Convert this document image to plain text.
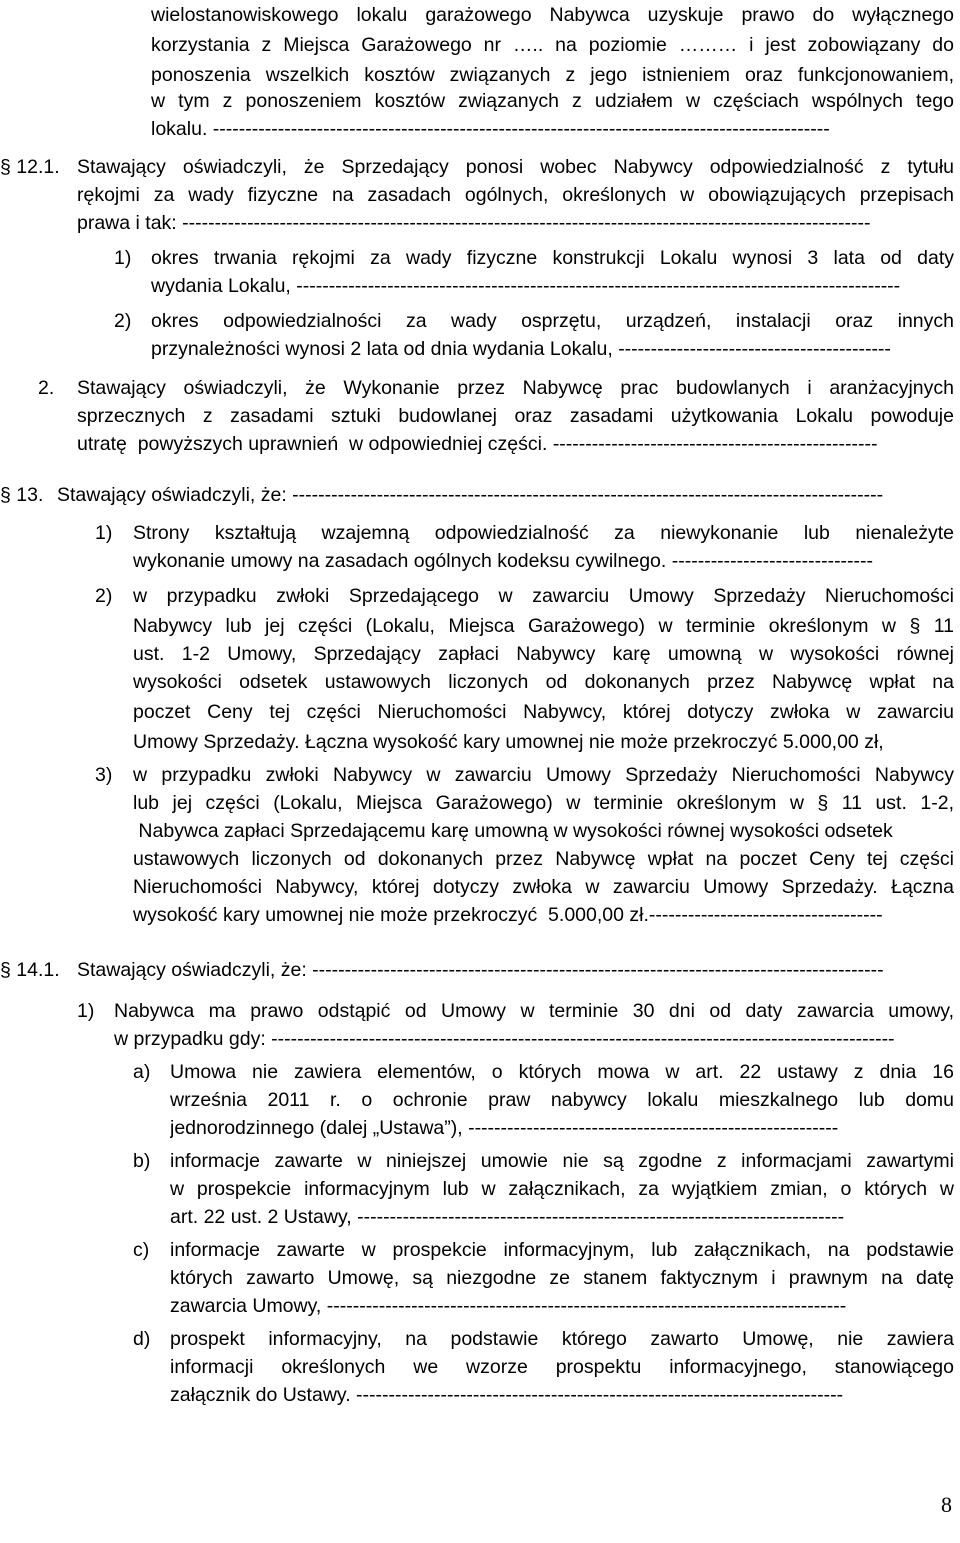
wielostanowiskowego lokalu garażowego Nabywca uzyskuje prawo do wyłącznego
korzystania z Miejsca Garażowego nr ….. na poziomie ……… i jest zobowiązany do
ponoszenia wszelkich kosztów związanych z jego istnieniem oraz funkcjonowaniem,
w tym z ponoszeniem kosztów związanych z udziałem w częściach wspólnych tego
lokalu. -----------------------------------------------------------------------------------------------
§ 12.1. Stawający oświadczyli, że Sprzedający ponosi wobec Nabywcy odpowiedzialność z tytułu
rękojmi za wady fizyczne na zasadach ogólnych, określonych w obowiązujących przepisach
prawa i tak: ----------------------------------------------------------------------------------------------------------
1) okres trwania rękojmi za wady fizyczne konstrukcji Lokalu wynosi 3 lata od daty
wydania Lokalu, ---------------------------------------------------------------------------------------------
2) okres odpowiedzialności za wady osprzętu, urządzeń, instalacji oraz innych
przynależności wynosi 2 lata od dnia wydania Lokalu, ------------------------------------------
2. Stawający oświadczyli, że Wykonanie przez Nabywcę prac budowlanych i aranżacyjnych
sprzecznych z zasadami sztuki budowlanej oraz zasadami użytkowania Lokalu powoduje
utratę  powyższych uprawnień  w odpowiedniej części. --------------------------------------------------
§ 13. Stawający oświadczyli, że: -------------------------------------------------------------------------------------------
1) Strony kształtują wzajemną odpowiedzialność za niewykonanie lub nienależyte
wykonanie umowy na zasadach ogólnych kodeksu cywilnego. -------------------------------
2) w przypadku zwłoki Sprzedającego w zawarciu Umowy Sprzedaży Nieruchomości
Nabywcy lub jej części (Lokalu, Miejsca Garażowego) w terminie określonym w § 11
ust. 1-2 Umowy, Sprzedający zapłaci Nabywcy karę umowną w wysokości równej
wysokości odsetek ustawowych liczonych od dokonanych przez Nabywcę wpłat na
poczet Ceny tej części Nieruchomości Nabywcy, której dotyczy zwłoka w zawarciu
Umowy Sprzedaży. Łączna wysokość kary umownej nie może przekroczyć 5.000,00 zł,
3) w przypadku zwłoki Nabywcy w zawarciu Umowy Sprzedaży Nieruchomości Nabywcy
lub jej części (Lokalu, Miejsca Garażowego) w terminie określonym w § 11 ust. 1-2,
Nabywca zapłaci Sprzedającemu karę umowną w wysokości równej wysokości odsetek
ustawowych liczonych od dokonanych przez Nabywcę wpłat na poczet Ceny tej części
Nieruchomości Nabywcy, której dotyczy zwłoka w zawarciu Umowy Sprzedaży. Łączna
wysokość kary umownej nie może przekroczyć  5.000,00 zł.------------------------------------
§ 14.1. Stawający oświadczyli, że: ----------------------------------------------------------------------------------------
1) Nabywca ma prawo odstąpić od Umowy w terminie 30 dni od daty zawarcia umowy,
w przypadku gdy: ------------------------------------------------------------------------------------------------
a) Umowa nie zawiera elementów, o których mowa w art. 22 ustawy z dnia 16
września 2011 r. o ochronie praw nabywcy lokalu mieszkalnego lub domu
jednorodzinnego (dalej „Ustawa”), ---------------------------------------------------------
b) informacje zawarte w niniejszej umowie nie są zgodne z informacjami zawartymi
w prospekcie informacyjnym lub w załącznikach, za wyjątkiem zmian, o których w
art. 22 ust. 2 Ustawy, ---------------------------------------------------------------------------
c) informacje zawarte w prospekcie informacyjnym, lub załącznikach, na podstawie
których zawarto Umowę, są niezgodne ze stanem faktycznym i prawnym na datę
zawarcia Umowy, --------------------------------------------------------------------------------
d) prospekt informacyjny, na podstawie którego zawarto Umowę, nie zawiera
informacji określonych we wzorze prospektu informacyjnego, stanowiącego
załącznik do Ustawy. ---------------------------------------------------------------------------
8
